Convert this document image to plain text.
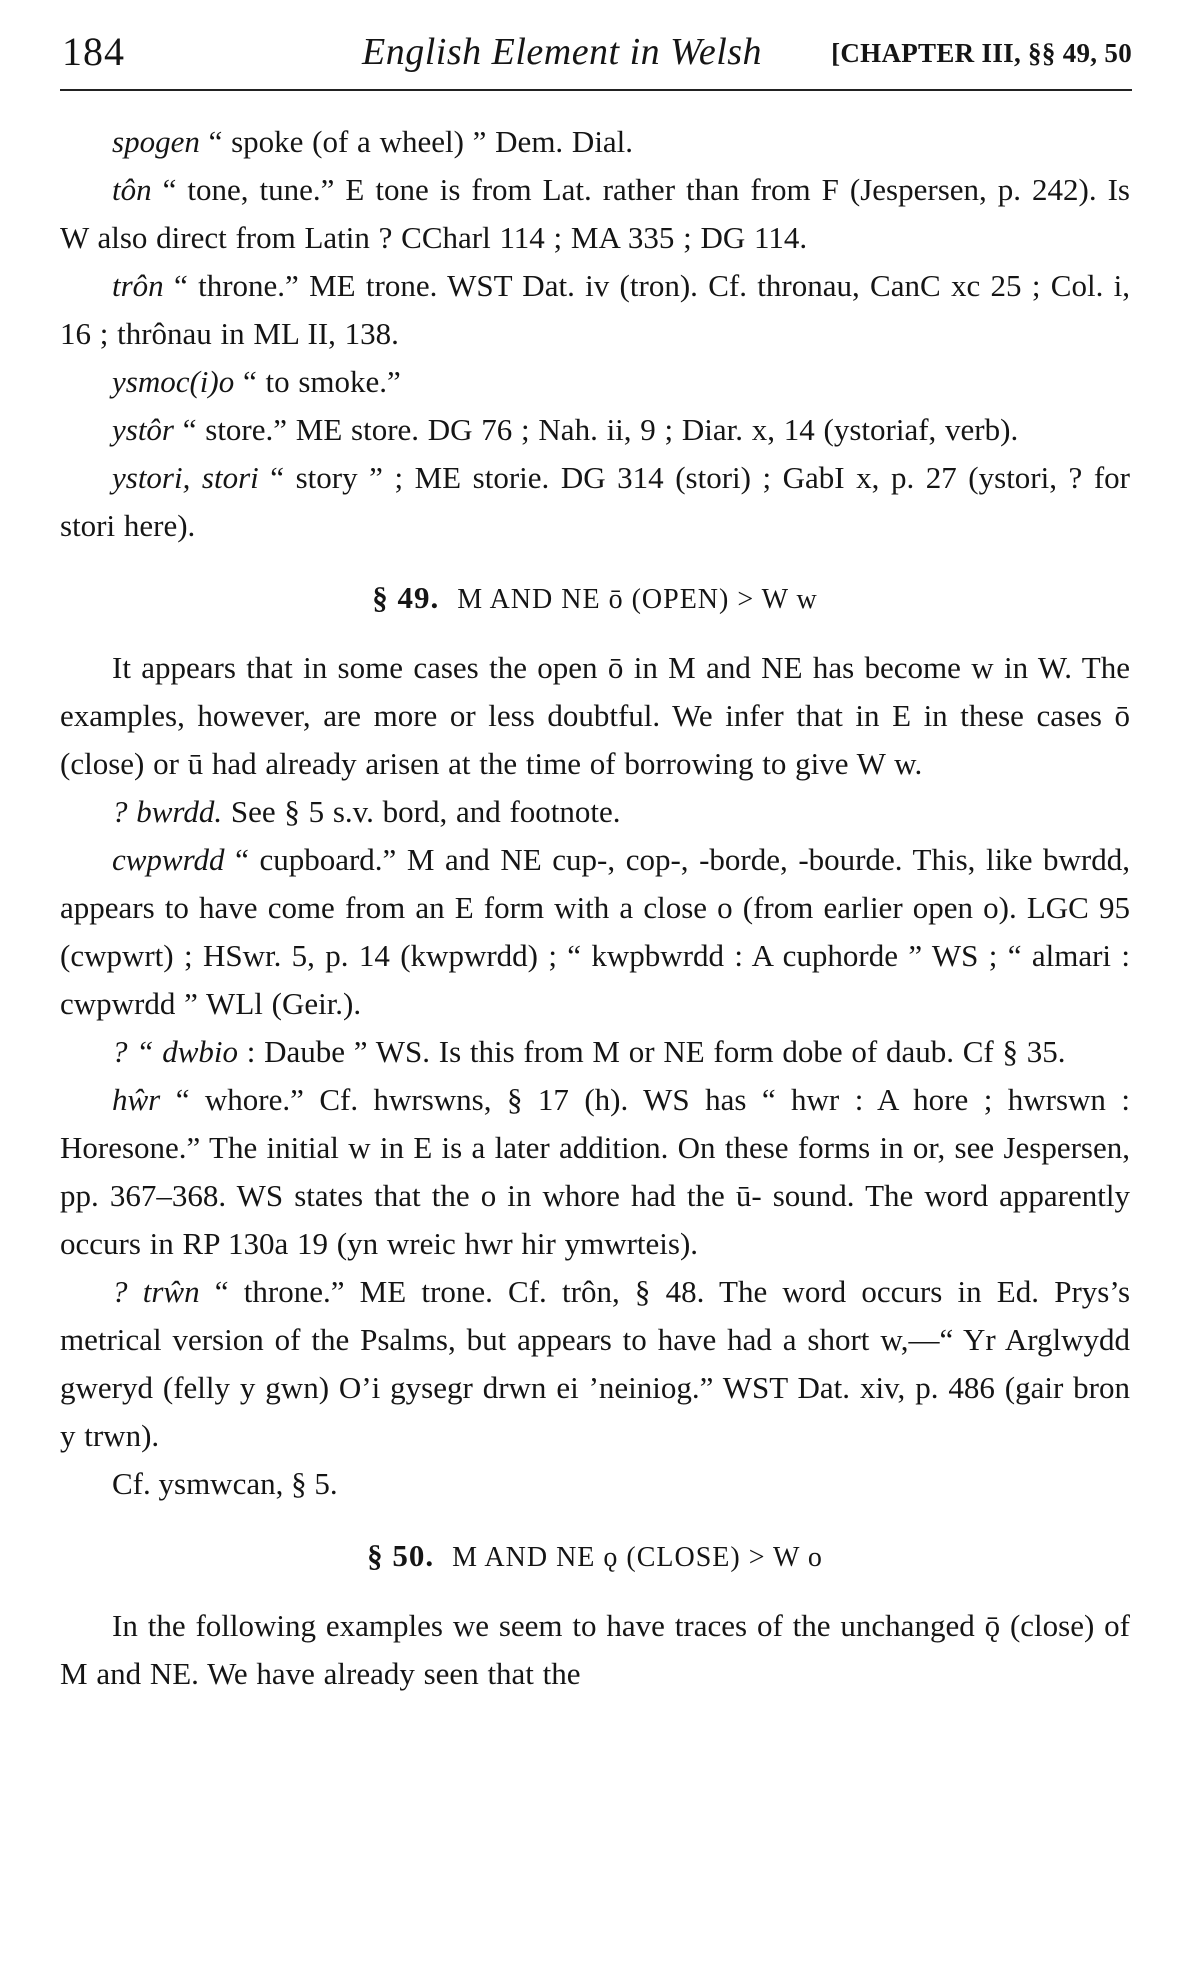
184	English Element in Welsh	[CHAPTER III, §§ 49, 50

spogen “ spoke (of a wheel) ” Dem. Dial.

tôn “ tone, tune.” E tone is from Lat. rather than from F (Jespersen, p. 242). Is W also direct from Latin ? CCharl 114 ; MA 335 ; DG 114.

trôn “ throne.” ME trone. WST Dat. iv (tron). Cf. thronau, CanC xc 25 ; Col. i, 16 ; thrônau in ML II, 138.

ysmoc(i)o “ to smoke.”

ystôr “ store.” ME store. DG 76 ; Nah. ii, 9 ; Diar. x, 14 (ystoriaf, verb).

ystori, stori “ story ” ; ME storie. DG 314 (stori) ; GabI x, p. 27 (ystori, ? for stori here).

§ 49. M AND NE ō (OPEN) > W w

It appears that in some cases the open ō in M and NE has become w in W. The examples, however, are more or less doubtful. We infer that in E in these cases ō (close) or ū had already arisen at the time of borrowing to give W w.

? bwrdd. See § 5 s.v. bord, and footnote.

cwpwrdd “ cupboard.” M and NE cup-, cop-, -borde, -bourde. This, like bwrdd, appears to have come from an E form with a close o (from earlier open o). LGC 95 (cwpwrt) ; HSwr. 5, p. 14 (kwpwrdd) ; “ kwpbwrdd : A cuphorde ” WS ; “ almari : cwpwrdd ” WLl (Geir.).

? “ dwbio : Daube ” WS. Is this from M or NE form dobe of daub. Cf § 35.

hŵr “ whore.” Cf. hwrswns, § 17 (h). WS has “ hwr : A hore ; hwrswn : Horesone.” The initial w in E is a later addition. On these forms in or, see Jespersen, pp. 367–368. WS states that the o in whore had the ū- sound. The word apparently occurs in RP 130a 19 (yn wreic hwr hir ymwrteis).

? trŵn “ throne.” ME trone. Cf. trôn, § 48. The word occurs in Ed. Prys’s metrical version of the Psalms, but appears to have had a short w,—“ Yr Arglwydd gweryd (felly y gwn) O’i gysegr drwn ei ’neiniog.” WST Dat. xiv, p. 486 (gair bron y trwn).

Cf. ysmwcan, § 5.

§ 50. M AND NE ǫ (CLOSE) > W o

In the following examples we seem to have traces of the unchanged ǭ (close) of M and NE. We have already seen that the
